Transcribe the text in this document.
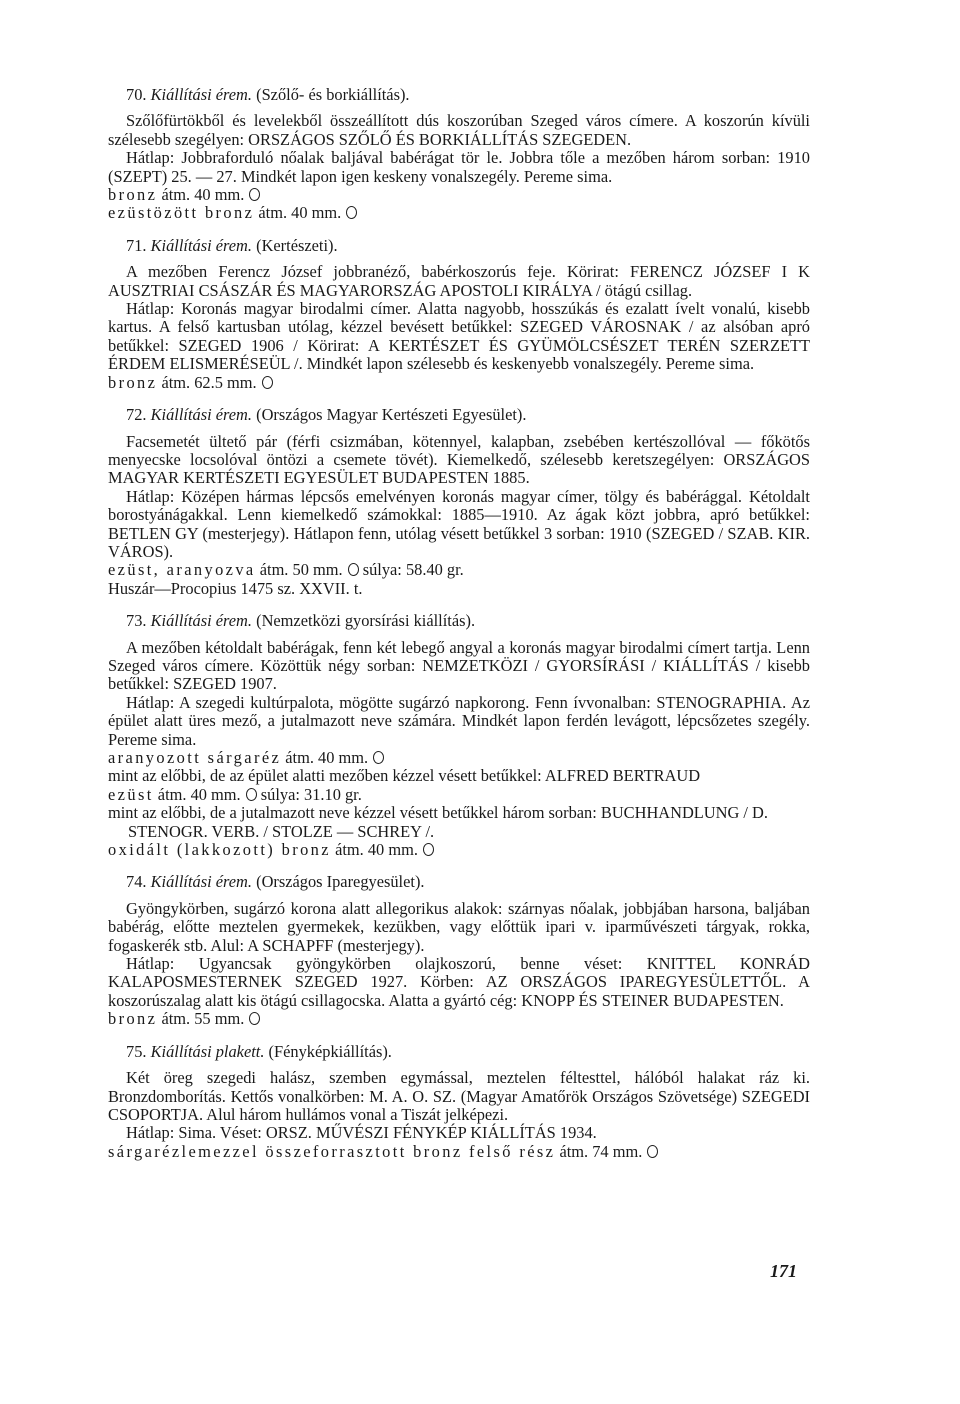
70. Kiállítási érem. (Szőlő- és borkiállítás).

Szőlőfürtökből és levelekből összeállított dús koszorúban Szeged város címere. A koszorún kívüli szélesebb szegélyen: ORSZÁGOS SZŐLŐ ÉS BORKIÁLLÍTÁS SZEGEDEN.

Hátlap: Jobbraforduló nőalak baljával babérágat tör le. Jobbra tőle a mezőben három sorban: 1910 (SZEPT) 25. — 27. Mindkét lapon igen keskeny vonalszegély. Pereme sima.

bronz átm. 40 mm.
ezüstözött bronz átm. 40 mm.
71. Kiállítási érem. (Kertészeti).

A mezőben Ferencz József jobbranéző, babérkoszorús feje. Körirat: FERENCZ JÓZSEF I K AUSZTRIAI CSÁSZÁR ÉS MAGYARORSZÁG APOSTOLI KIRÁLYA / ötágú csillag.

Hátlap: Koronás magyar birodalmi címer. Alatta nagyobb, hosszúkás és ezalatt ívelt vonalú, kisebb kartus. A felső kartusban utólag, kézzel bevésett betűkkel: SZEGED VÁROSNAK / az alsóban apró betűkkel: SZEGED 1906 / Körirat: A KERTÉSZET ÉS GYÜMÖLCSÉSZET TERÉN SZERZETT ÉRDEM ELISMERÉSEÜL /. Mindkét lapon szélesebb és keskenyebb vonalszegély. Pereme sima.

bronz átm. 62.5 mm.
72. Kiállítási érem. (Országos Magyar Kertészeti Egyesület).

Facsemetét ültető pár (férfi csizmában, kötennyel, kalapban, zsebében kertészollóval — főkötős menyecske locsolóval öntözi a csemete tövét). Kiemelkedő, szélesebb keretszegélyen: ORSZÁGOS MAGYAR KERTÉSZETI EGYESÜLET BUDAPESTEN 1885.

Hátlap: Középen hármas lépcsős emelvényen koronás magyar címer, tölgy és babérággal. Kétoldalt borostyánágakkal. Lenn kiemelkedő számokkal: 1885—1910. Az ágak közt jobbra, apró betűkkel: BETLEN GY (mesterjegy). Hátlapon fenn, utólag vésett betűkkel 3 sorban: 1910 (SZEGED / SZAB. KIR. VÁROS).

ezüst, aranyozva átm. 50 mm. súlya: 58.40 gr.
Huszár—Procopius 1475 sz. XXVII. t.
73. Kiállítási érem. (Nemzetközi gyorsírási kiállítás).

A mezőben kétoldalt babérágak, fenn két lebegő angyal a koronás magyar birodalmi címert tartja. Lenn Szeged város címere. Közöttük négy sorban: NEMZETKÖZI / GYORSÍRÁSI / KIÁLLÍTÁS / kisebb betűkkel: SZEGED 1907.

Hátlap: A szegedi kultúrpalota, mögötte sugárzó napkorong. Fenn ívvonalban: STENOGRAPHIA. Az épület alatt üres mező, a jutalmazott neve számára. Mindkét lapon ferdén levágott, lépcsőzetes szegély. Pereme sima.

aranyozott sárgaréz átm. 40 mm.
mint az előbbi, de az épület alatti mezőben kézzel vésett betűkkel: ALFRED BERTRAUD
ezüst átm. 40 mm. súlya: 31.10 gr.
mint az előbbi, de a jutalmazott neve kézzel vésett betűkkel három sorban: BUCHHANDLUNG / D. STENOGR. VERB. / STOLZE — SCHREY /.
oxidált (lakkozott) bronz átm. 40 mm.
74. Kiállítási érem. (Országos Iparegyesület).

Gyöngykörben, sugárzó korona alatt allegorikus alakok: szárnyas nőalak, jobbjában harsona, baljában babérág, előtte meztelen gyermekek, kezükben, vagy előttük ipari v. iparművészeti tárgyak, rokka, fogaskerék stb. Alul: A SCHAPFF (mesterjegy).

Hátlap: Ugyancsak gyöngykörben olajkoszorú, benne véset: KNITTEL KONRÁD KALAPOSMESTERNEK SZEGED 1927. Körben: AZ ORSZÁGOS IPAREGYESÜLETTŐL. A koszorúszalag alatt kis ötágú csillagocska. Alatta a gyártó cég: KNOPP ÉS STEINER BUDAPESTEN.

bronz átm. 55 mm.
75. Kiállítási plakett. (Fényképkiállítás).

Két öreg szegedi halász, szemben egymással, meztelen féltesttel, hálóból halakat ráz ki. Bronzdomborítás. Kettős vonalkörben: M. A. O. SZ. (Magyar Amatőrök Országos Szövetsége) SZEGEDI CSOPORTJA. Alul három hullámos vonal a Tiszát jelképezi.

Hátlap: Sima. Véset: ORSZ. MŰVÉSZI FÉNYKÉP KIÁLLÍTÁS 1934.

sárgarézlemezzel összeforrasztott bronz felső rész átm. 74 mm.
171
